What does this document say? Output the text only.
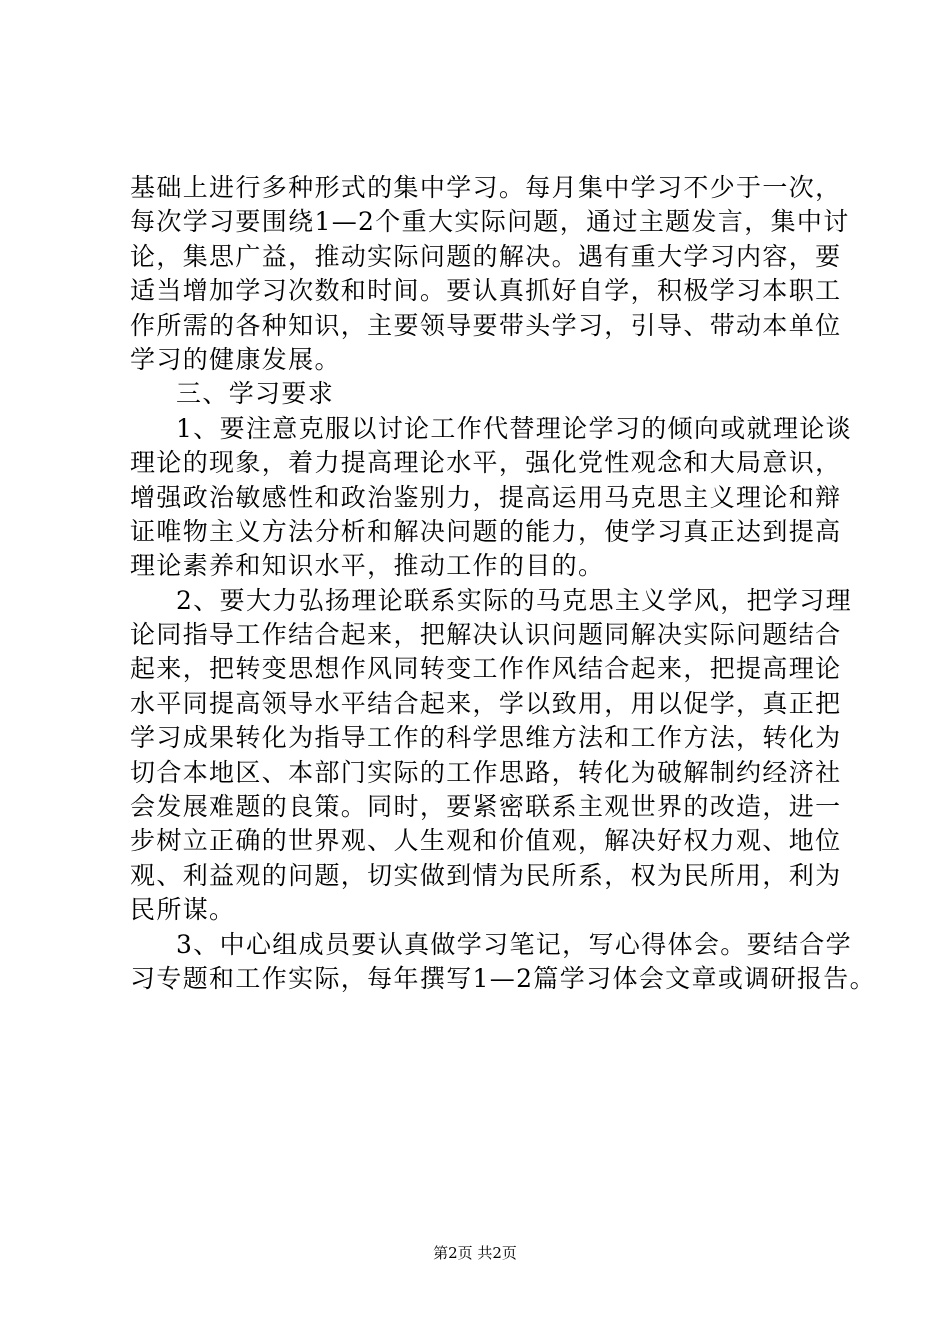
基础上进行多种形式的集中学习。每月集中学习不少于一次，
每次学习要围绕1—2个重大实际问题，通过主题发言，集中讨
论，集思广益，推动实际问题的解决。遇有重大学习内容，要
适当增加学习次数和时间。要认真抓好自学，积极学习本职工
作所需的各种知识，主要领导要带头学习，引导、带动本单位
学习的健康发展。
三、学习要求
1、要注意克服以讨论工作代替理论学习的倾向或就理论谈
理论的现象，着力提高理论水平，强化党性观念和大局意识，
增强政治敏感性和政治鉴别力，提高运用马克思主义理论和辩
证唯物主义方法分析和解决问题的能力，使学习真正达到提高
理论素养和知识水平，推动工作的目的。
2、要大力弘扬理论联系实际的马克思主义学风，把学习理
论同指导工作结合起来，把解决认识问题同解决实际问题结合
起来，把转变思想作风同转变工作作风结合起来，把提高理论
水平同提高领导水平结合起来，学以致用，用以促学，真正把
学习成果转化为指导工作的科学思维方法和工作方法，转化为
切合本地区、本部门实际的工作思路，转化为破解制约经济社
会发展难题的良策。同时，要紧密联系主观世界的改造，进一
步树立正确的世界观、人生观和价值观，解决好权力观、地位
观、利益观的问题，切实做到情为民所系，权为民所用，利为
民所谋。
3、中心组成员要认真做学习笔记，写心得体会。要结合学
习专题和工作实际，每年撰写1—2篇学习体会文章或调研报告。
第2页 共2页
